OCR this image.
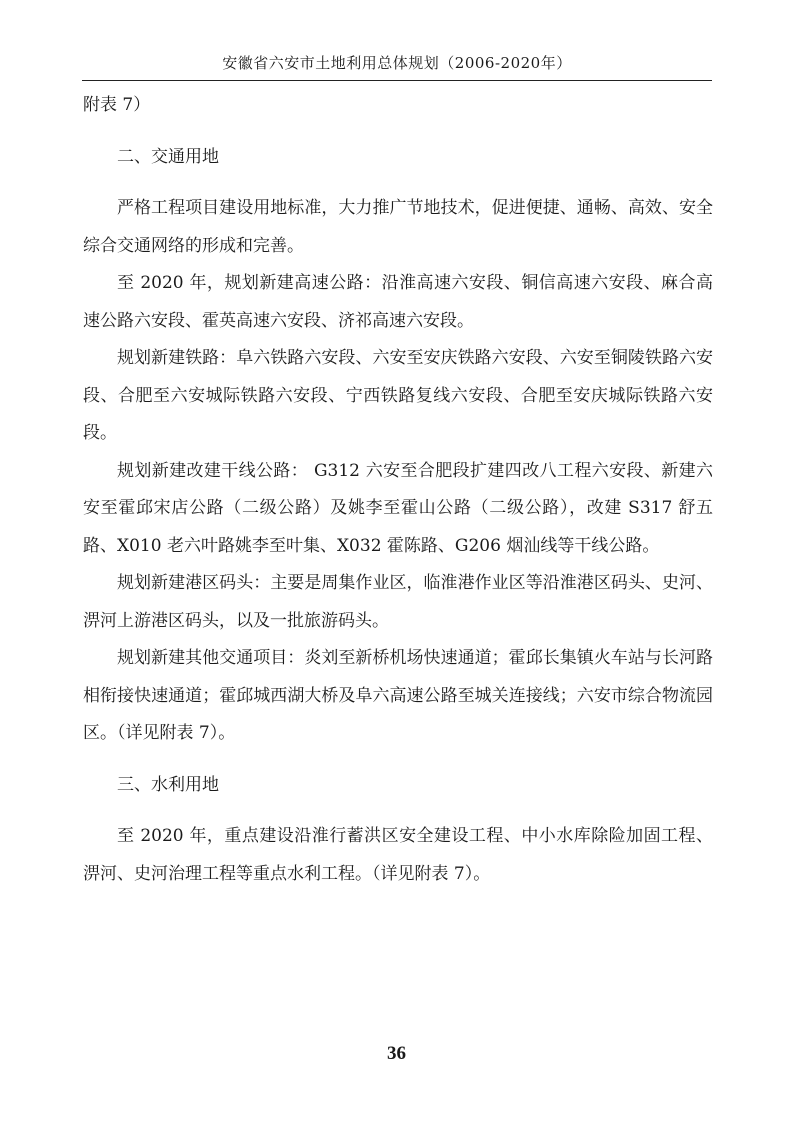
安徽省六安市土地利用总体规划（2006-2020年）

附表 7）

二、交通用地

严格工程项目建设用地标准，大力推广节地技术，促进便捷、通畅、高效、安全综合交通网络的形成和完善。

至 2020 年，规划新建高速公路：沿淮高速六安段、铜信高速六安段、麻合高速公路六安段、霍英高速六安段、济祁高速六安段。

规划新建铁路：阜六铁路六安段、六安至安庆铁路六安段、六安至铜陵铁路六安段、合肥至六安城际铁路六安段、宁西铁路复线六安段、合肥至安庆城际铁路六安段。

规划新建改建干线公路： G312 六安至合肥段扩建四改八工程六安段、新建六安至霍邱宋店公路（二级公路）及姚李至霍山公路（二级公路），改建 S317 舒五路、X010 老六叶路姚李至叶集、X032 霍陈路、G206 烟汕线等干线公路。

规划新建港区码头：主要是周集作业区，临淮港作业区等沿淮港区码头、史河、淠河上游港区码头，以及一批旅游码头。

规划新建其他交通项目：炎刘至新桥机场快速通道；霍邱长集镇火车站与长河路相衔接快速通道；霍邱城西湖大桥及阜六高速公路至城关连接线；六安市综合物流园区。（详见附表 7）。

三、水利用地

至 2020 年，重点建设沿淮行蓄洪区安全建设工程、中小水库除险加固工程、淠河、史河治理工程等重点水利工程。（详见附表 7）。

36
